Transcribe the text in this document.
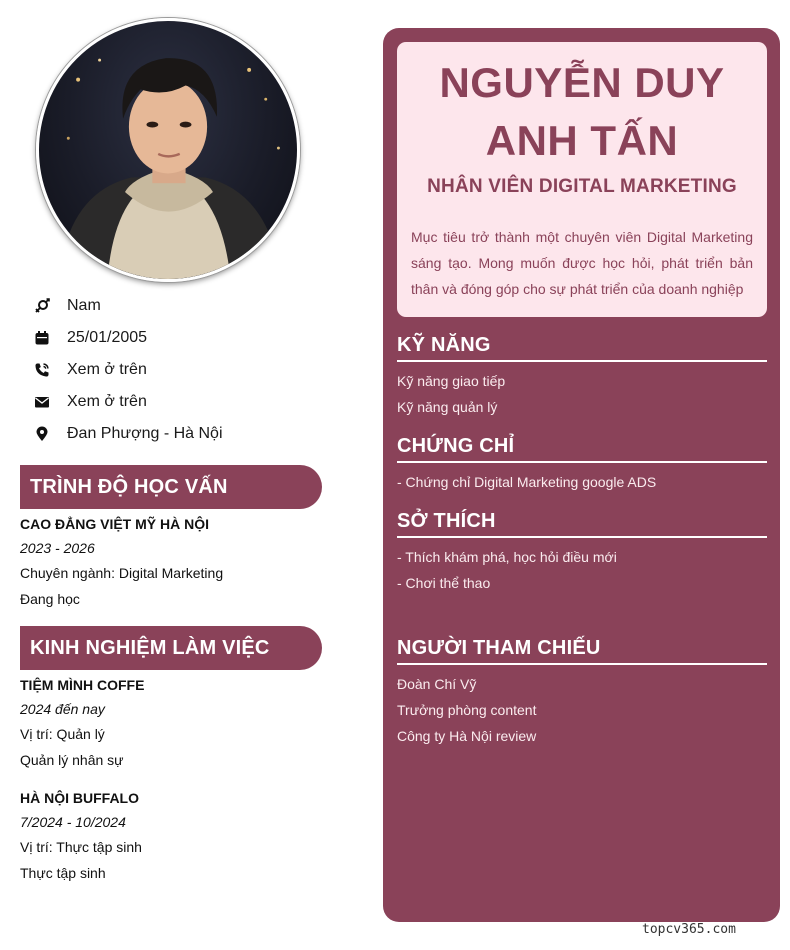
Nam
25/01/2005
Xem ở trên
Xem ở trên
Đan Phượng - Hà Nội
TRÌNH ĐỘ HỌC VẤN
CAO ĐẲNG VIỆT MỸ HÀ NỘI
2023 - 2026
Chuyên ngành: Digital Marketing
Đang học
KINH NGHIỆM LÀM VIỆC
TIỆM MÌNH COFFE
2024 đến nay
Vị trí: Quản lý
Quản lý nhân sự
HÀ NỘI BUFFALO
7/2024 - 10/2024
Vị trí: Thực tập sinh
Thực tập sinh
NGUYỄN DUY
ANH TẤN
NHÂN VIÊN DIGITAL MARKETING
Mục tiêu trở thành một chuyên viên Digital Marketing sáng tạo. Mong muốn được học hỏi, phát triển bản thân và đóng góp cho sự phát triển của doanh nghiệp
KỸ NĂNG
Kỹ năng giao tiếp
Kỹ năng quản lý
CHỨNG CHỈ
- Chứng chỉ Digital Marketing google ADS
SỞ THÍCH
- Thích khám phá, học hỏi điều mới
- Chơi thể thao
NGƯỜI THAM CHIẾU
Đoàn Chí Vỹ
Trưởng phòng content
Công ty Hà Nội review
topcv365.com
